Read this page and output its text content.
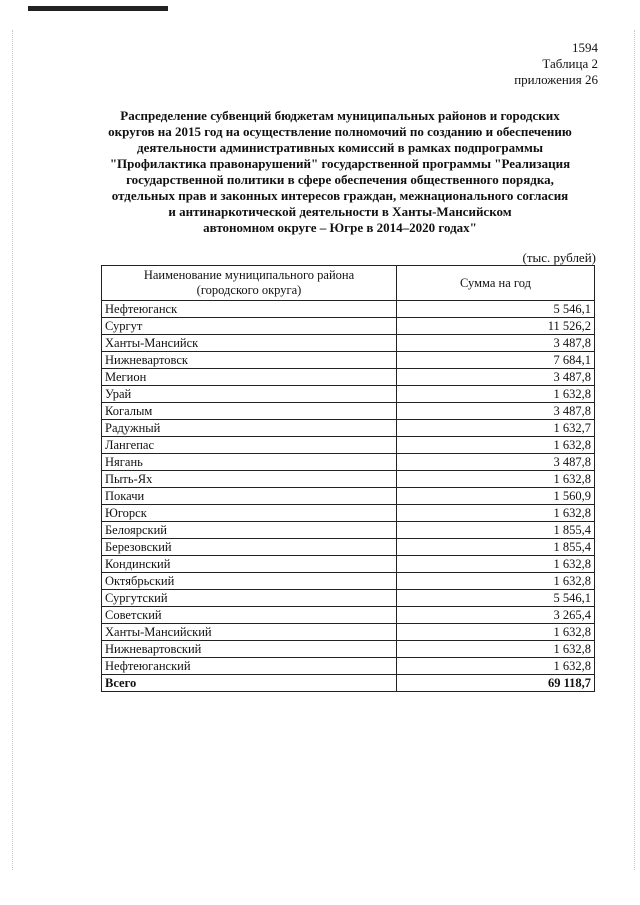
1594
Таблица 2
приложения 26
Распределение субвенций бюджетам муниципальных районов и городских
округов на 2015 год на осуществление полномочий по созданию и обеспечению
деятельности административных комиссий в рамках подпрограммы
"Профилактика правонарушений" государственной программы "Реализация
государственной политики в сфере обеспечения общественного порядка,
отдельных прав и законных интересов граждан, межнационального согласия
и антинаркотической деятельности в Ханты-Мансийском
автономном округе – Югре в 2014–2020 годах"
(тыс. рублей)
Наименование муниципального района
(городского округа)	Сумма на год
Нефтеюганск	5 546,1
Сургут	11 526,2
Ханты-Мансийск	3 487,8
Нижневартовск	7 684,1
Мегион	3 487,8
Урай	1 632,8
Когалым	3 487,8
Радужный	1 632,7
Лангепас	1 632,8
Нягань	3 487,8
Пыть-Ях	1 632,8
Покачи	1 560,9
Югорск	1 632,8
Белоярский	1 855,4
Березовский	1 855,4
Кондинский	1 632,8
Октябрьский	1 632,8
Сургутский	5 546,1
Советский	3 265,4
Ханты-Мансийский	1 632,8
Нижневартовский	1 632,8
Нефтеюганский	1 632,8
Всего	69 118,7
